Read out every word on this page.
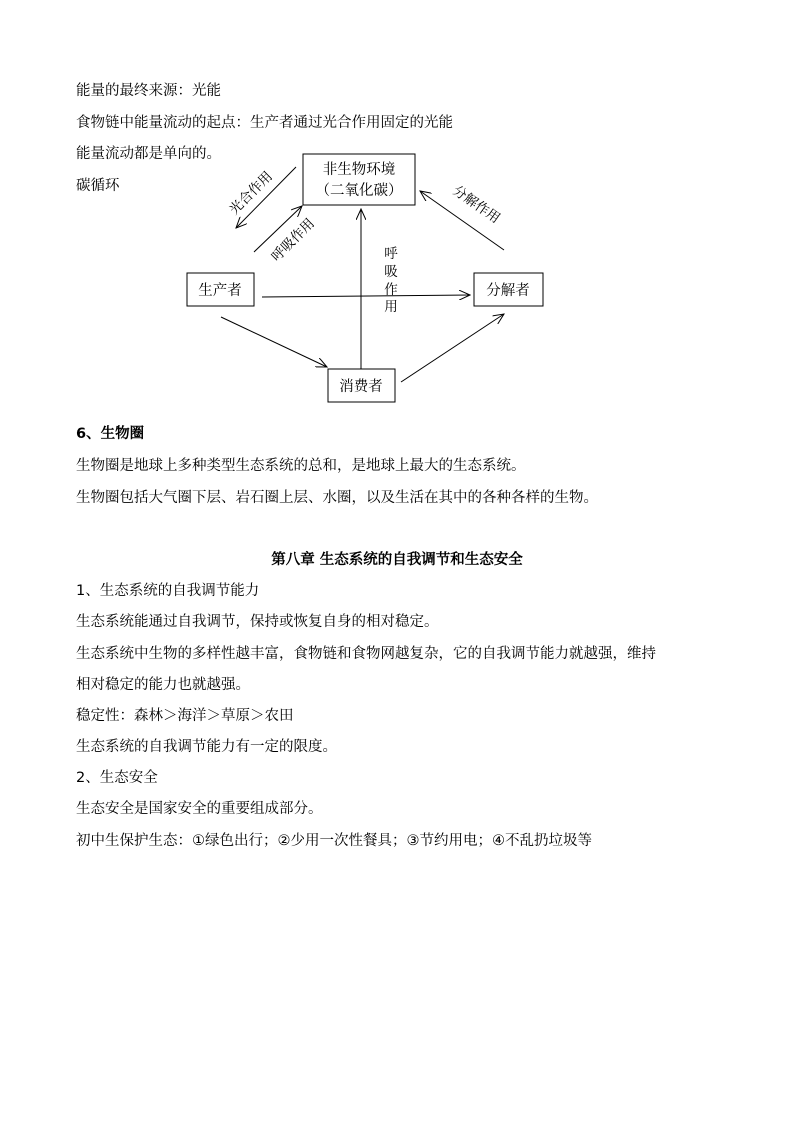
能量的最终来源：光能
食物链中能量流动的起点：生产者通过光合作用固定的光能
能量流动都是单向的。
碳循环
非生物环境
（二氧化碳）
生产者	分解者
消费者
光合作用
呼吸作用
分解作用
呼
吸
作
用
6、生物圈
生物圈是地球上多种类型生态系统的总和，是地球上最大的生态系统。
生物圈包括大气圈下层、岩石圈上层、水圈，以及生活在其中的各种各样的生物。
第八章 生态系统的自我调节和生态安全
1、生态系统的自我调节能力
生态系统能通过自我调节，保持或恢复自身的相对稳定。
生态系统中生物的多样性越丰富，食物链和食物网越复杂，它的自我调节能力就越强，维持
相对稳定的能力也就越强。
稳定性：森林＞海洋＞草原＞农田
生态系统的自我调节能力有一定的限度。
2、生态安全
生态安全是国家安全的重要组成部分。
初中生保护生态：①绿色出行；②少用一次性餐具；③节约用电；④不乱扔垃圾等
